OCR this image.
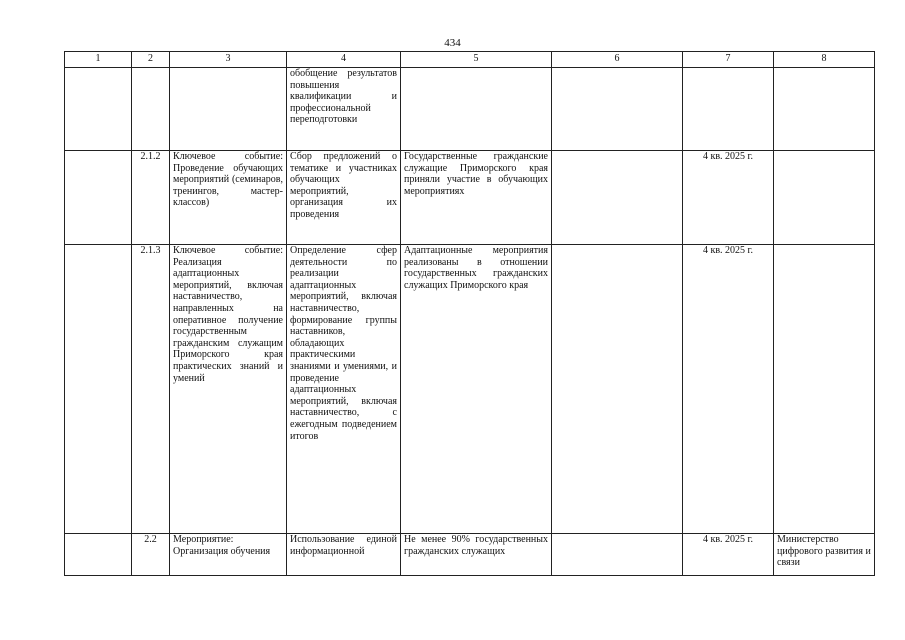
434
1	2	3	4	5	6	7	8
			обобщение результатов повышения квалификации и профессиональной переподготовки				
	2.1.2	Ключевое событие: Проведение обучающих мероприятий (семинаров, тренингов, мастер-классов)	Сбор предложений о тематике и участниках обучающих мероприятий, организация их проведения	Государственные гражданские служащие Приморского края приняли участие в обучающих мероприятиях		4 кв. 2025 г.	
	2.1.3	Ключевое событие: Реализация адаптационных мероприятий, включая наставничество, направленных на оперативное получение государственным гражданским служащим Приморского края практических знаний и умений	Определение сфер деятельности по реализации адаптационных мероприятий, включая наставничество, формирование группы наставников, обладающих практическими знаниями и умениями, и проведение адаптационных мероприятий, включая наставничество, с ежегодным подведением итогов	Адаптационные мероприятия реализованы в отношении государственных гражданских служащих Приморского края		4 кв. 2025 г.	
	2.2	Мероприятие: Организация обучения	Использование единой информационной	Не менее 90% государственных гражданских служащих		4 кв. 2025 г.	Министерство цифрового развития и связи
